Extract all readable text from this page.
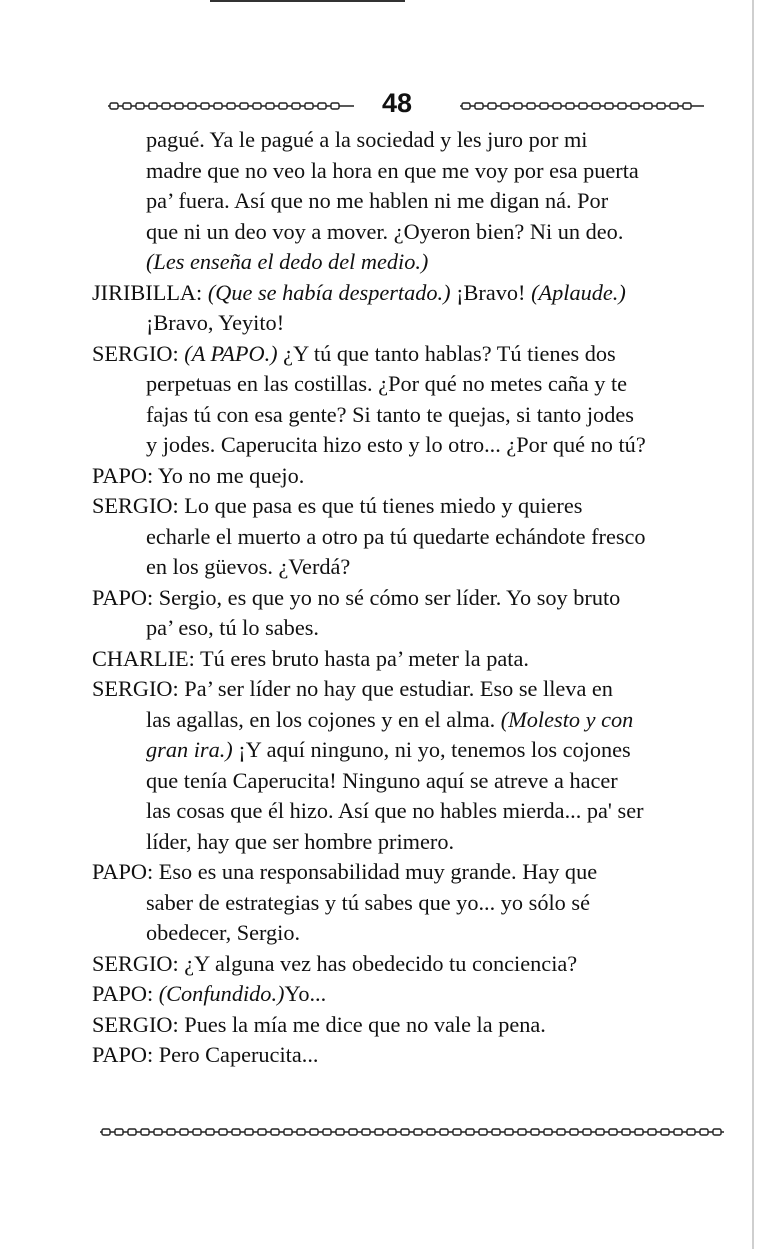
48
pagué. Ya le pagué a la sociedad y les juro por mi
madre que no veo la hora en que me voy por esa puerta
pa’ fuera. Así que no me hablen ni me digan ná. Por
que ni un deo voy a mover. ¿Oyeron bien? Ni un deo.
(Les enseña el dedo del medio.)
JIRIBILLA: (Que se había despertado.) ¡Bravo! (Aplaude.)
¡Bravo, Yeyito!
SERGIO: (A PAPO.) ¿Y tú que tanto hablas? Tú tienes dos
perpetuas en las costillas. ¿Por qué no metes caña y te
fajas tú con esa gente? Si tanto te quejas, si tanto jodes
y jodes. Caperucita hizo esto y lo otro... ¿Por qué no tú?
PAPO: Yo no me quejo.
SERGIO: Lo que pasa es que tú tienes miedo y quieres
echarle el muerto a otro pa tú quedarte echándote fresco
en los güevos. ¿Verdá?
PAPO: Sergio, es que yo no sé cómo ser líder. Yo soy bruto
pa’ eso, tú lo sabes.
CHARLIE: Tú eres bruto hasta pa’ meter la pata.
SERGIO: Pa’ ser líder no hay que estudiar. Eso se lleva en
las agallas, en los cojones y en el alma. (Molesto y con
gran ira.) ¡Y aquí ninguno, ni yo, tenemos los cojones
que tenía Caperucita! Ninguno aquí se atreve a hacer
las cosas que él hizo. Así que no hables mierda... pa' ser
líder, hay que ser hombre primero.
PAPO: Eso es una responsabilidad muy grande. Hay que
saber de estrategias y tú sabes que yo... yo sólo sé
obedecer, Sergio.
SERGIO: ¿Y alguna vez has obedecido tu conciencia?
PAPO: (Confundido.)Yo...
SERGIO: Pues la mía me dice que no vale la pena.
PAPO: Pero Caperucita...
